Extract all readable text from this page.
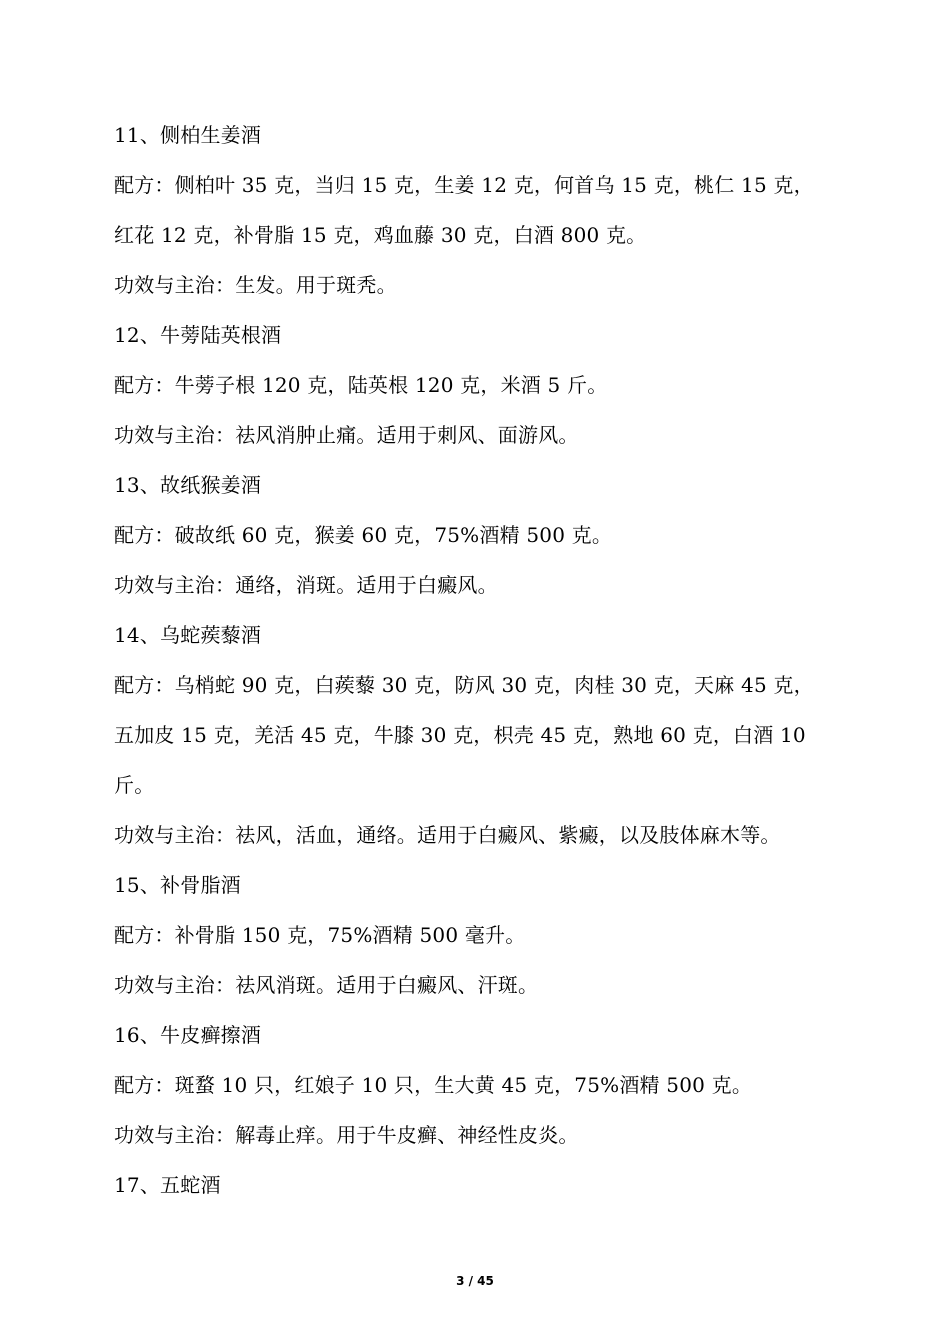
11、侧柏生姜酒
配方：侧柏叶 35 克，当归 15 克，生姜 12 克，何首乌 15 克，桃仁 15 克，
红花 12 克，补骨脂 15 克，鸡血藤 30 克，白酒 800 克。
功效与主治：生发。用于斑秃。
12、牛蒡陆英根酒
配方：牛蒡子根 120 克，陆英根 120 克，米酒 5 斤。
功效与主治：祛风消肿止痛。适用于刺风、面游风。
13、故纸猴姜酒
配方：破故纸 60 克，猴姜 60 克，75%酒精 500 克。
功效与主治：通络，消斑。适用于白癜风。
14、乌蛇蒺藜酒
配方：乌梢蛇 90 克，白蒺藜 30 克，防风 30 克，肉桂 30 克，天麻 45 克，
五加皮 15 克，羌活 45 克，牛膝 30 克，枳壳 45 克，熟地 60 克，白酒 10
斤。
功效与主治：祛风，活血，通络。适用于白癜风、紫癜，以及肢体麻木等。
15、补骨脂酒
配方：补骨脂 150 克，75%酒精 500 毫升。
功效与主治：祛风消斑。适用于白癜风、汗斑。
16、牛皮癣擦酒
配方：斑蝥 10 只，红娘子 10 只，生大黄 45 克，75%酒精 500 克。
功效与主治：解毒止痒。用于牛皮癣、神经性皮炎。
17、五蛇酒
3 / 45
